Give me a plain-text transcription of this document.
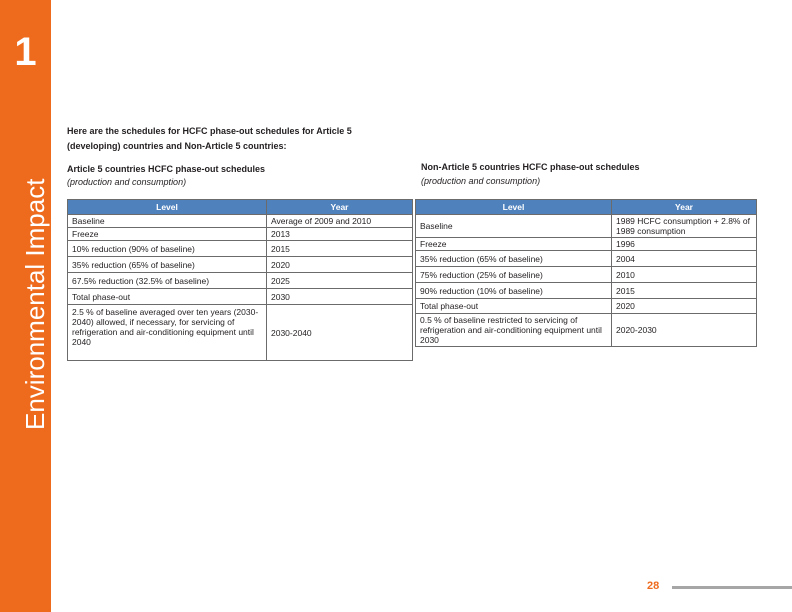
1
Environmental Impact
Here are the schedules for HCFC phase-out schedules for Article 5 (developing) countries and Non-Article 5 countries:
Article 5 countries HCFC phase-out schedules
(production and consumption)
Level	Year
Baseline	Average of 2009 and 2010
Freeze	2013
10% reduction (90% of baseline)	2015
35% reduction (65% of baseline)	2020
67.5% reduction (32.5% of baseline)	2025
Total phase-out	2030
2.5 % of baseline averaged over ten years (2030-2040) allowed, if necessary, for servicing of refrigeration and air-conditioning equipment until 2040	2030-2040
Non-Article 5 countries HCFC phase-out schedules
(production and consumption)
Level	Year
Baseline	1989 HCFC consumption + 2.8% of 1989 consumption
Freeze	1996
35% reduction (65% of baseline)	2004
75% reduction (25% of baseline)	2010
90% reduction (10% of baseline)	2015
Total phase-out	2020
0.5 % of baseline restricted to servicing of refrigeration and air-conditioning equipment until 2030	2020-2030
28
